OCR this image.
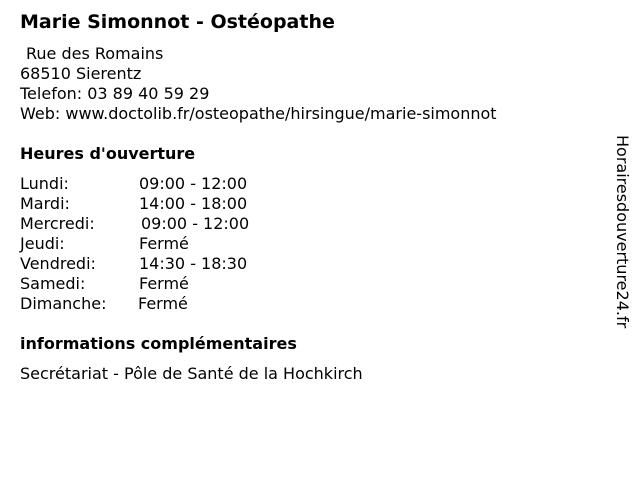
Marie Simonnot - Ostéopathe
Rue des Romains
68510 Sierentz
Telefon: 03 89 40 59 29
Web: www.doctolib.fr/osteopathe/hirsingue/marie-simonnot
Heures d'ouverture
Lundi:	09:00 - 12:00
Mardi:	14:00 - 18:00
Mercredi:	09:00 - 12:00
Jeudi:	Fermé
Vendredi:	14:30 - 18:30
Samedi:	Fermé
Dimanche: Fermé
informations complémentaires
Secrétariat - Pôle de Santé de la Hochkirch
Horairesdouverture24.fr
